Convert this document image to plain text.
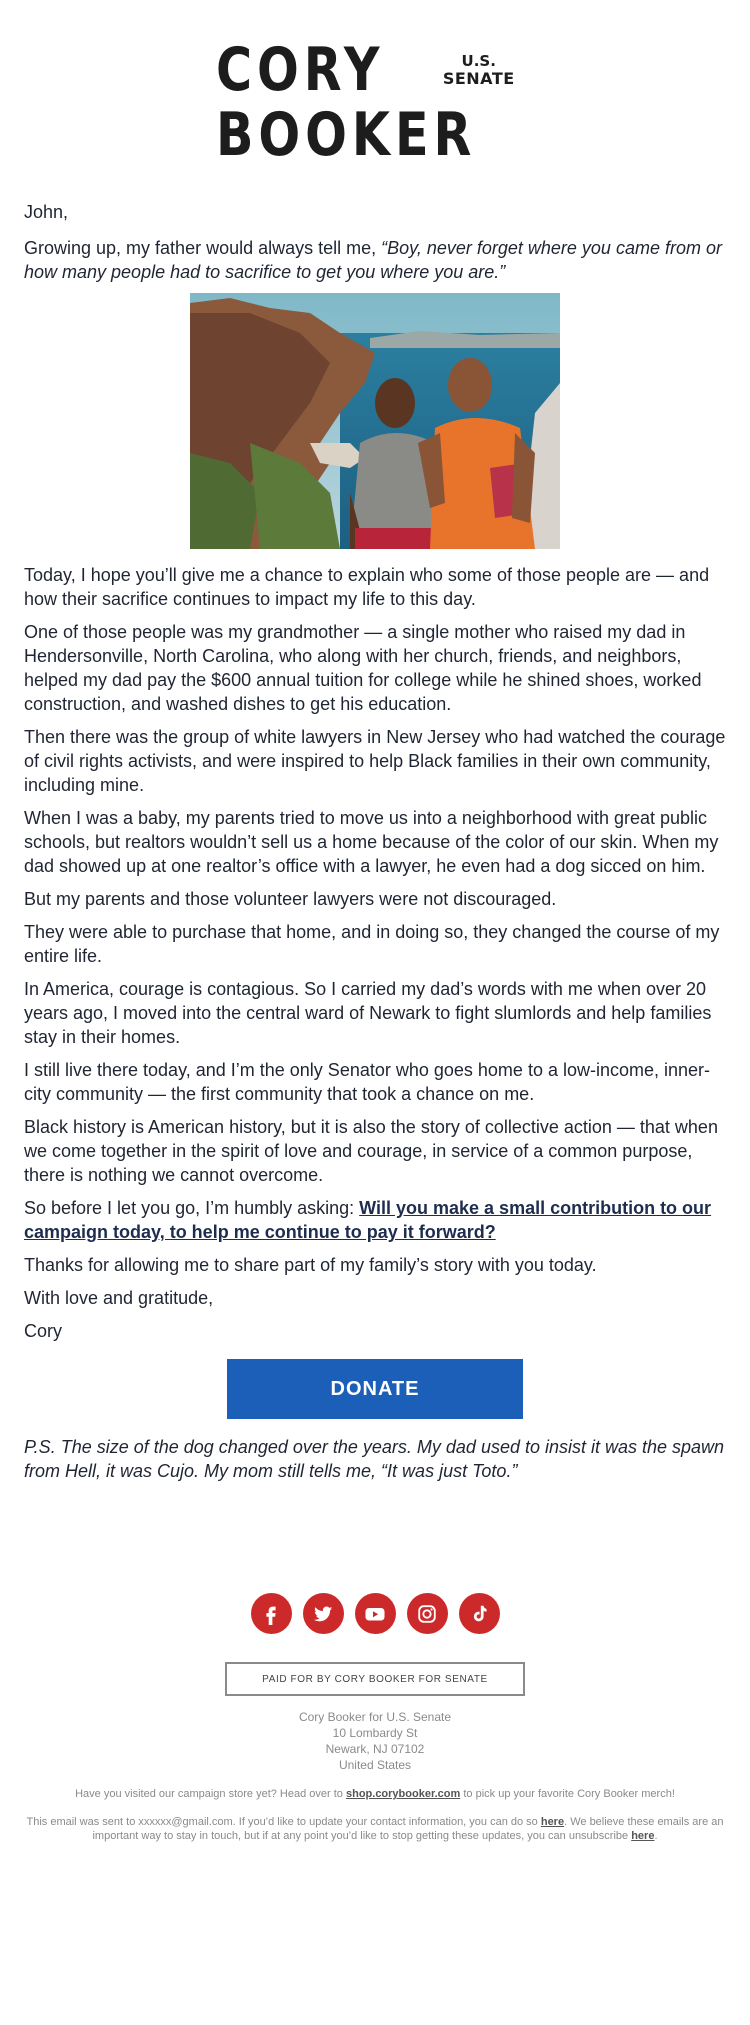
CORY	U.S.
SENATE
BOOKER

John,

Growing up, my father would always tell me, “Boy, never forget where you came from or how many people had to sacrifice to get you where you are.”

Today, I hope you’ll give me a chance to explain who some of those people are — and how their sacrifice continues to impact my life to this day.

One of those people was my grandmother — a single mother who raised my dad in Hendersonville, North Carolina, who along with her church, friends, and neighbors, helped my dad pay the $600 annual tuition for college while he shined shoes, worked construction, and washed dishes to get his education.

Then there was the group of white lawyers in New Jersey who had watched the courage of civil rights activists, and were inspired to help Black families in their own community, including mine.

When I was a baby, my parents tried to move us into a neighborhood with great public schools, but realtors wouldn’t sell us a home because of the color of our skin. When my dad showed up at one realtor’s office with a lawyer, he even had a dog sicced on him.

But my parents and those volunteer lawyers were not discouraged.

They were able to purchase that home, and in doing so, they changed the course of my entire life.

In America, courage is contagious. So I carried my dad’s words with me when over 20 years ago, I moved into the central ward of Newark to fight slumlords and help families stay in their homes.

I still live there today, and I’m the only Senator who goes home to a low-income, inner-city community — the first community that took a chance on me.

Black history is American history, but it is also the story of collective action — that when we come together in the spirit of love and courage, in service of a common purpose, there is nothing we cannot overcome.

So before I let you go, I’m humbly asking: Will you make a small contribution to our campaign today, to help me continue to pay it forward?

Thanks for allowing me to share part of my family’s story with you today.

With love and gratitude,

Cory

DONATE

P.S. The size of the dog changed over the years. My dad used to insist it was the spawn from Hell, it was Cujo. My mom still tells me, “It was just Toto.”

PAID FOR BY CORY BOOKER FOR SENATE
Cory Booker for U.S. Senate
10 Lombardy St
Newark, NJ 07102
United States
Have you visited our campaign store yet? Head over to shop.corybooker.com to pick up your favorite Cory Booker merch!
This email was sent to xxxxxx@gmail.com. If you’d like to update your contact information, you can do so here. We believe these emails are an important way to stay in touch, but if at any point you’d like to stop getting these updates, you can unsubscribe here.
